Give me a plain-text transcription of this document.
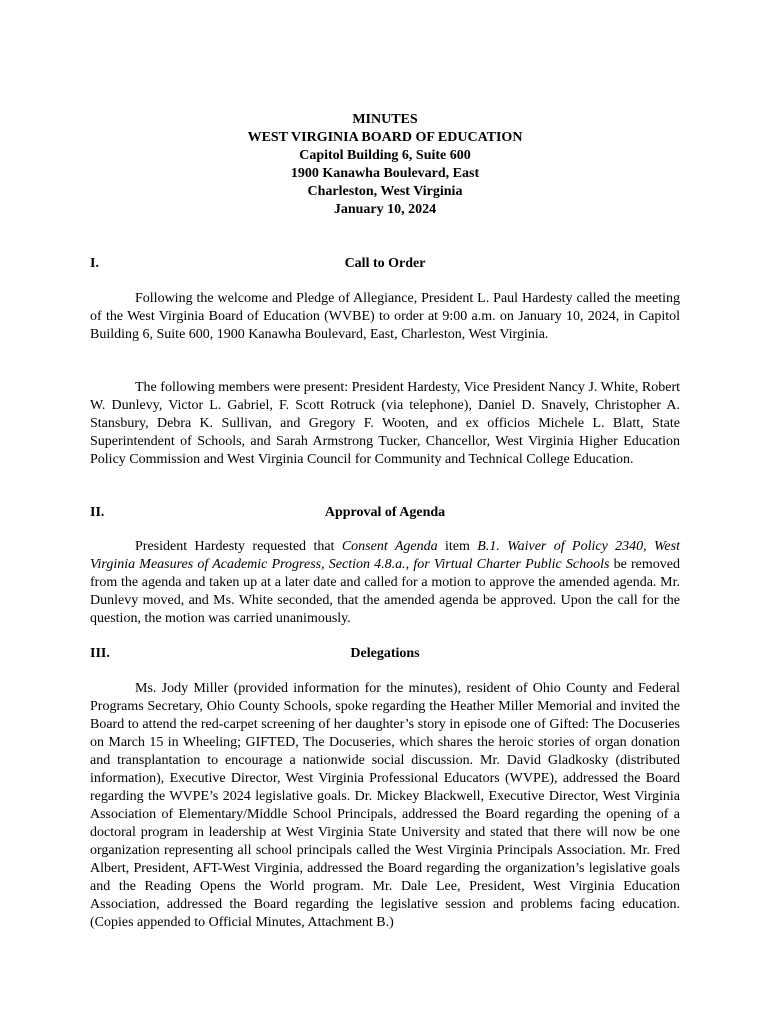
MINUTES
WEST VIRGINIA BOARD OF EDUCATION
Capitol Building 6, Suite 600
1900 Kanawha Boulevard, East
Charleston, West Virginia
January 10, 2024
Call to Order
I.

Following the welcome and Pledge of Allegiance, President L. Paul Hardesty called the meeting of the West Virginia Board of Education (WVBE) to order at 9:00 a.m. on January 10, 2024, in Capitol Building 6, Suite 600, 1900 Kanawha Boulevard, East, Charleston, West Virginia.

The following members were present: President Hardesty, Vice President Nancy J. White, Robert W. Dunlevy, Victor L. Gabriel, F. Scott Rotruck (via telephone), Daniel D. Snavely, Christopher A. Stansbury, Debra K. Sullivan, and Gregory F. Wooten, and ex officios Michele L. Blatt, State Superintendent of Schools, and Sarah Armstrong Tucker, Chancellor, West Virginia Higher Education Policy Commission and West Virginia Council for Community and Technical College Education.

Approval of Agenda
II.

President Hardesty requested that Consent Agenda item B.1. Waiver of Policy 2340, West Virginia Measures of Academic Progress, Section 4.8.a., for Virtual Charter Public Schools be removed from the agenda and taken up at a later date and called for a motion to approve the amended agenda. Mr. Dunlevy moved, and Ms. White seconded, that the amended agenda be approved. Upon the call for the question, the motion was carried unanimously.

Delegations
III.

Ms. Jody Miller (provided information for the minutes), resident of Ohio County and Federal Programs Secretary, Ohio County Schools, spoke regarding the Heather Miller Memorial and invited the Board to attend the red-carpet screening of her daughter’s story in episode one of Gifted: The Docuseries on March 15 in Wheeling; GIFTED, The Docuseries, which shares the heroic stories of organ donation and transplantation to encourage a nationwide social discussion. Mr. David Gladkosky (distributed information), Executive Director, West Virginia Professional Educators (WVPE), addressed the Board regarding the WVPE’s 2024 legislative goals. Dr. Mickey Blackwell, Executive Director, West Virginia Association of Elementary/Middle School Principals, addressed the Board regarding the opening of a doctoral program in leadership at West Virginia State University and stated that there will now be one organization representing all school principals called the West Virginia Principals Association. Mr. Fred Albert, President, AFT-West Virginia, addressed the Board regarding the organization’s legislative goals and the Reading Opens the World program. Mr. Dale Lee, President, West Virginia Education Association, addressed the Board regarding the legislative session and problems facing education. (Copies appended to Official Minutes, Attachment B.)
